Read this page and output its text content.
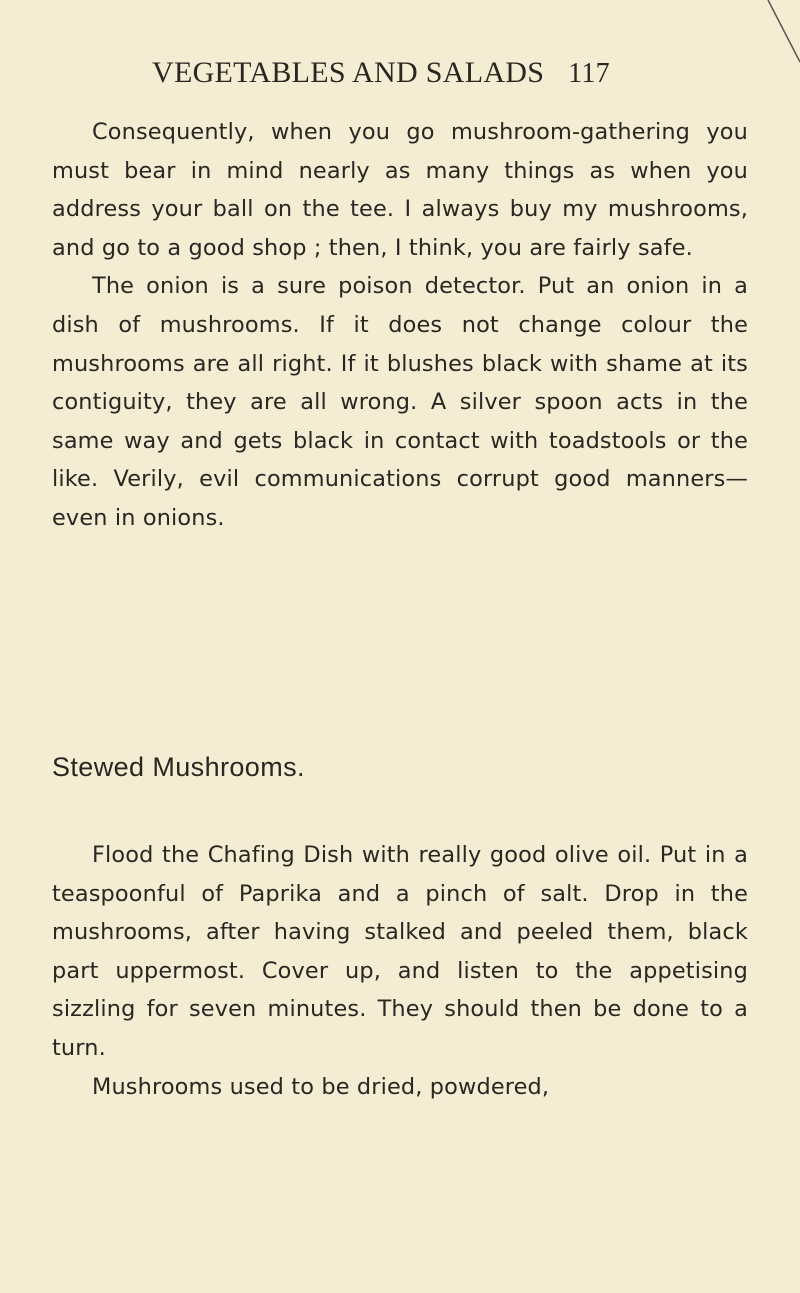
VEGETABLES AND SALADS 117

Consequently, when you go mushroom-gathering you must bear in mind nearly as many things as when you address your ball on the tee. I always buy my mushrooms, and go to a good shop ; then, I think, you are fairly safe.

The onion is a sure poison detector. Put an onion in a dish of mushrooms. If it does not change colour the mushrooms are all right. If it blushes black with shame at its contiguity, they are all wrong. A silver spoon acts in the same way and gets black in contact with toadstools or the like. Verily, evil communications corrupt good manners— even in onions.

Stewed Mushrooms.

Flood the Chafing Dish with really good olive oil. Put in a teaspoonful of Paprika and a pinch of salt. Drop in the mushrooms, after having stalked and peeled them, black part uppermost. Cover up, and listen to the appetising sizzling for seven minutes. They should then be done to a turn.

Mushrooms used to be dried, powdered,
